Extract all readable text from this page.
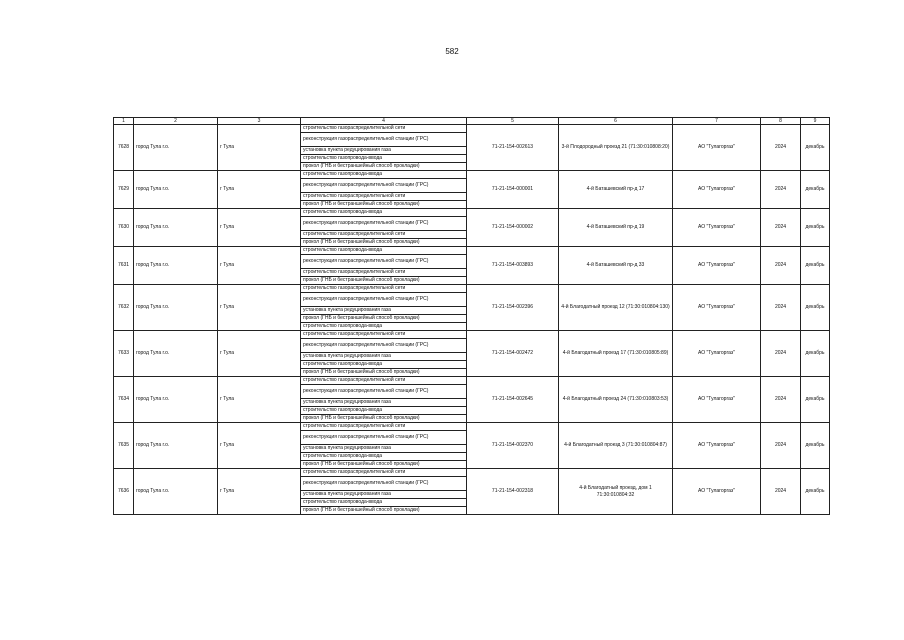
582
1	2	3	4	5	6	7	8	9
7628	город Тула г.о.	г Тула	строительство газораспределительной сети	71-21-154-002613	3-й Плодородный проезд 21 (71:30:010808:20)	АО "Тулагоргаз"	2024	декабрь
			реконструкция газораспределительной станции (ГРС)					
			установка пункта редуцирования газа					
			строительство газопровода-ввода					
			прокол (ГНБ и бестраншейный способ прокладки)					
7629	город Тула г.о.	г Тула	строительство газопровода-ввода	71-21-154-000001	4-й Баташевский пр-д 17	АО "Тулагоргаз"	2024	декабрь
			реконструкция газораспределительной станции (ГРС)					
			строительство газораспределительной сети					
			прокол (ГНБ и бестраншейный способ прокладки)					
7630	город Тула г.о.	г Тула	строительство газопровода-ввода	71-21-154-000002	4-й Баташевский пр-д 19	АО "Тулагоргаз"	2024	декабрь
			реконструкция газораспределительной станции (ГРС)					
			строительство газораспределительной сети					
			прокол (ГНБ и бестраншейный способ прокладки)					
7631	город Тула г.о.	г Тула	строительство газопровода-ввода	71-21-154-003893	4-й Баташевский пр-д 33	АО "Тулагоргаз"	2024	декабрь
			реконструкция газораспределительной станции (ГРС)					
			строительство газораспределительной сети					
			прокол (ГНБ и бестраншейный способ прокладки)					
7632	город Тула г.о.	г Тула	строительство газораспределительной сети	71-21-154-002396	4-й Благодатный проезд 12 (71:30:010804:130)	АО "Тулагоргаз"	2024	декабрь
			реконструкция газораспределительной станции (ГРС)					
			установка пункта редуцирования газа					
			прокол (ГНБ и бестраншейный способ прокладки)					
			строительство газопровода-ввода					
7633	город Тула г.о.	г Тула	строительство газораспределительной сети	71-21-154-002472	4-й Благодатный проезд 17 (71:30:010805:89)	АО "Тулагоргаз"	2024	декабрь
			реконструкция газораспределительной станции (ГРС)					
			установка пункта редуцирования газа					
			строительство газопровода-ввода					
			прокол (ГНБ и бестраншейный способ прокладки)					
7634	город Тула г.о.	г Тула	строительство газораспределительной сети	71-21-154-002645	4-й Благодатный проезд 24 (71:30:010803:53)	АО "Тулагоргаз"	2024	декабрь
			реконструкция газораспределительной станции (ГРС)					
			установка пункта редуцирования газа					
			строительство газопровода-ввода					
			прокол (ГНБ и бестраншейный способ прокладки)					
7635	город Тула г.о.	г Тула	строительство газораспределительной сети	71-21-154-002370	4-й Благодатный проезд 3 (71:30:010804:87)	АО "Тулагоргаз"	2024	декабрь
			реконструкция газораспределительной станции (ГРС)					
			установка пункта редуцирования газа					
			строительство газопровода-ввода					
			прокол (ГНБ и бестраншейный способ прокладки)					
7636	город Тула г.о.	г Тула	строительство газораспределительной сети	71-21-154-002318	4-й Благодатный проезд, дом 1 71:30:010804:32	АО "Тулагоргаз"	2024	декабрь
			реконструкция газораспределительной станции (ГРС)					
			установка пункта редуцирования газа					
			строительство газопровода-ввода					
			прокол (ГНБ и бестраншейный способ прокладки)					
